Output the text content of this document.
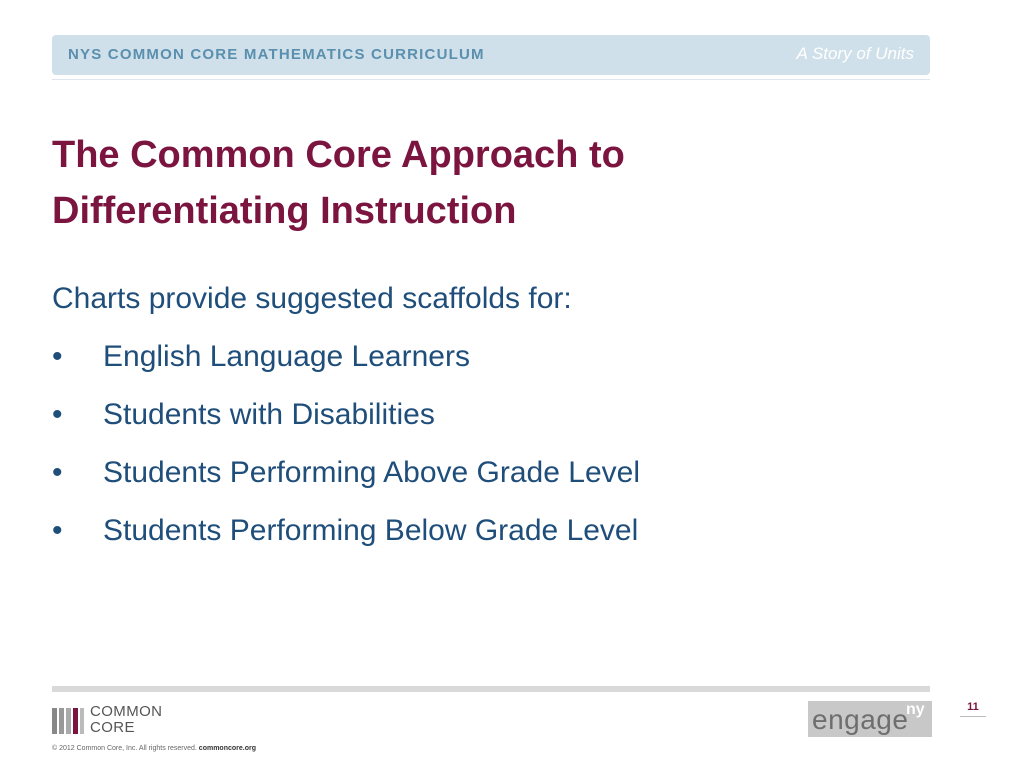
NYS COMMON CORE MATHEMATICS CURRICULUM	A Story of Units
The Common Core Approach to
Differentiating Instruction
Charts provide suggested scaffolds for:
•	English Language Learners
•	Students with Disabilities
•	Students Performing Above Grade Level
•	Students Performing Below Grade Level
COMMON
CORE
© 2012 Common Core, Inc. All rights reserved. commoncore.org
engage
ny	11
